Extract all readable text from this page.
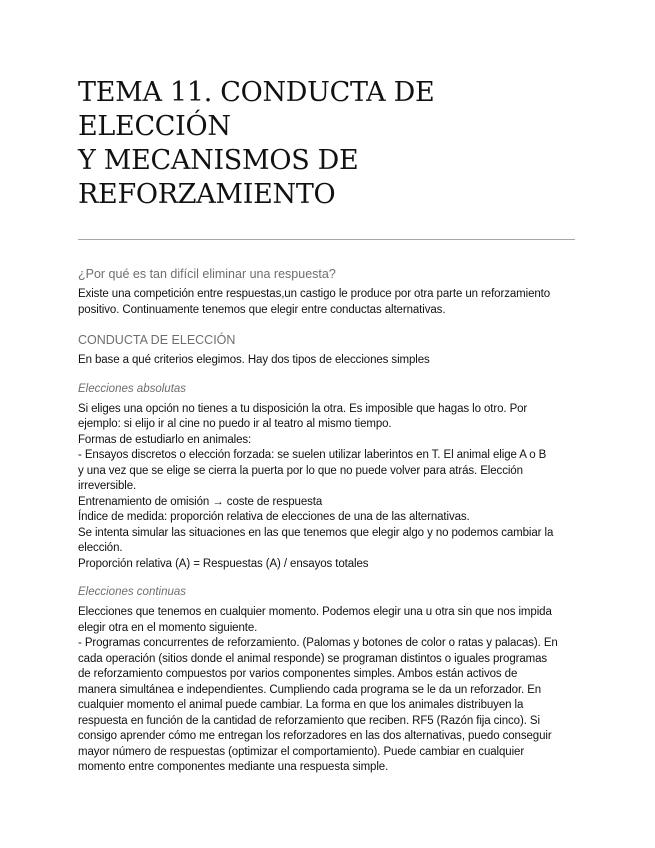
TEMA 11. CONDUCTA DE ELECCIÓN
Y MECANISMOS DE
REFORZAMIENTO
¿Por qué es tan difícil eliminar una respuesta?
Existe una competición entre respuestas,un castigo le produce por otra parte un reforzamiento
positivo. Continuamente tenemos que elegir entre conductas alternativas.
CONDUCTA DE ELECCIÓN
En base a qué criterios elegimos. Hay dos tipos de elecciones simples
Elecciones absolutas
Si eliges una opción no tienes a tu disposición la otra. Es imposible que hagas lo otro. Por
ejemplo: si elijo ir al cine no puedo ir al teatro al mismo tiempo.
Formas de estudiarlo en animales:
- Ensayos discretos o elección forzada: se suelen utilizar laberintos en T. El animal elige A o B
y una vez que se elige se cierra la puerta por lo que no puede volver para atrás. Elección
irreversible.
Entrenamiento de omisión → coste de respuesta
Índice de medida: proporción relativa de elecciones de una de las alternativas.
Se intenta simular las situaciones en las que tenemos que elegir algo y no podemos cambiar la
elección.
Proporción relativa (A) = Respuestas (A) / ensayos totales
Elecciones continuas
Elecciones que tenemos en cualquier momento. Podemos elegir una u otra sin que nos impida
elegir otra en el momento siguiente.
- Programas concurrentes de reforzamiento. (Palomas y botones de color o ratas y palacas). En
cada operación (sitios donde el animal responde) se programan distintos o iguales programas
de reforzamiento compuestos por varios componentes simples. Ambos están activos de
manera simultánea e independientes. Cumpliendo cada programa se le da un reforzador. En
cualquier momento el animal puede cambiar. La forma en que los animales distribuyen la
respuesta en función de la cantidad de reforzamiento que reciben. RF5 (Razón fija cinco). Si
consigo aprender cómo me entregan los reforzadores en las dos alternativas, puedo conseguir
mayor número de respuestas (optimizar el comportamiento). Puede cambiar en cualquier
momento entre componentes mediante una respuesta simple.
